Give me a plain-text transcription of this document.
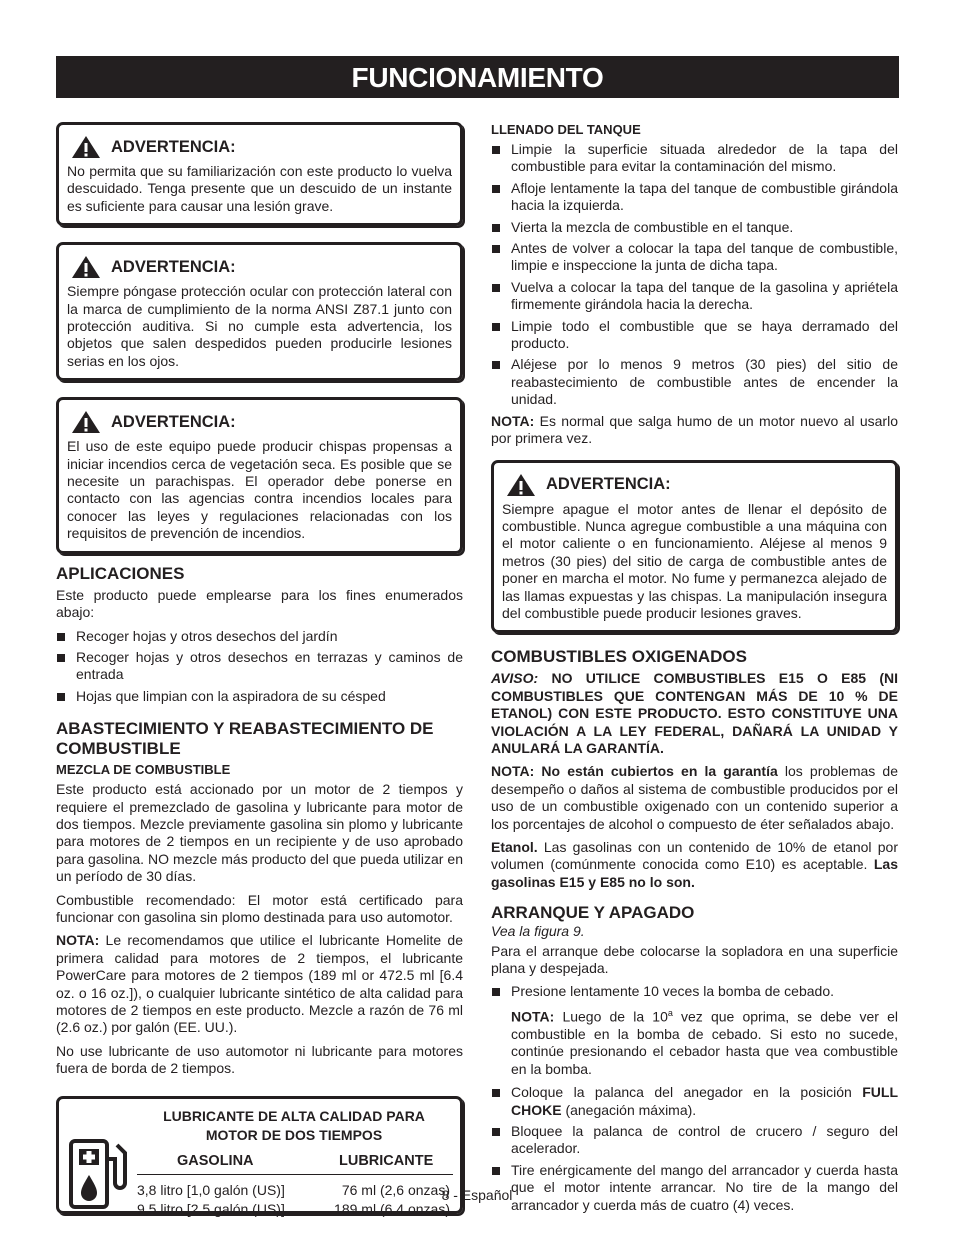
FUNCIONAMIENTO
ADVERTENCIA:
No permita que su familiarización con este producto lo vuelva descuidado. Tenga presente que un descuido de un instante es suficiente para causar una lesión grave.
ADVERTENCIA:
Siempre póngase protección ocular con protección lateral con la marca de cumplimiento de la norma ANSI Z87.1 junto con protección auditiva. Si no cumple esta advertencia, los objetos que salen despedidos pueden producirle lesiones serias en los ojos.
ADVERTENCIA:
El uso de este equipo puede producir chispas propensas a iniciar incendios cerca de vegetación seca. Es posible que se necesite un parachispas. El operador debe ponerse en contacto con las agencias contra incendios locales para conocer las leyes y regulaciones relacionadas con los requisitos de prevención de incendios.
APLICACIONES

Este producto puede emplearse para los fines enumerados abajo:

Recoger hojas y otros desechos del jardín
Recoger hojas y otros desechos en terrazas y caminos de entrada
Hojas que limpian con la aspiradora de su césped
ABASTECIMIENTO Y REABASTECIMIENTO DE COMBUSTIBLE
MEZCLA DE COMBUSTIBLE

Este producto está accionado por un motor de 2 tiempos y requiere el premezclado de gasolina y lubricante para motor de dos tiempos. Mezcle previamente gasolina sin plomo y lubricante para motores de 2 tiempos en un recipiente y de uso aprobado para gasolina. NO mezcle más producto del que pueda utilizar en un período de 30 días.

Combustible recomendado: El motor está certificado para funcionar con gasolina sin plomo destinada para uso automotor.

NOTA: Le recomendamos que utilice el lubricante Homelite de primera calidad para motores de 2 tiempos, el lubricante PowerCare para motores de 2 tiempos (189 ml or 472.5 ml [6.4 oz. o 16 oz.]), o cualquier lubricante sintético de alta calidad para motores de 2 tiempos en este producto. Mezcle a razón de 76 ml (2.6 oz.) por galón (EE. UU.).

No use lubricante de uso automotor ni lubricante para motores fuera de borda de 2 tiempos.

LUBRICANTE DE ALTA CALIDAD PARA
MOTOR DE DOS TIEMPOS
GASOLINA	LUBRICANTE
3,8 litro [1,0 galón (US)]	76 ml (2,6 onzas)
9,5 litro [2,5 galón (US)]	189 ml (6,4 onzas)
LLENADO DEL TANQUE
Limpie la superficie situada alrededor de la tapa del combustible para evitar la contaminación del mismo.
Afloje lentamente la tapa del tanque de combustible girándola hacia la izquierda.
Vierta la mezcla de combustible en el tanque.
Antes de volver a colocar la tapa del tanque de combustible, limpie e inspeccione la junta de dicha tapa.
Vuelva a colocar la tapa del tanque de la gasolina y apriétela firmemente girándola hacia la derecha.
Limpie todo el combustible que se haya derramado del producto.
Aléjese por lo menos 9 metros (30 pies) del sitio de reabastecimiento de combustible antes de encender la unidad.

NOTA: Es normal que salga humo de un motor nuevo al usarlo por primera vez.

ADVERTENCIA:
Siempre apague el motor antes de llenar el depósito de combustible. Nunca agregue combustible a una máquina con el motor caliente o en funcionamiento. Aléjese al menos 9 metros (30 pies) del sitio de carga de combustible antes de poner en marcha el motor. No fume y permanezca alejado de las llamas expuestas y las chispas. La manipulación insegura del combustible puede producir lesiones graves.
COMBUSTIBLES OXIGENADOS

AVISO: NO UTILICE COMBUSTIBLES E15 O E85 (NI COMBUSTIBLES QUE CONTENGAN MÁS DE 10 % DE ETANOL) CON ESTE PRODUCTO. ESTO CONSTITUYE UNA VIOLACIÓN A LA LEY FEDERAL, DAÑARÁ LA UNIDAD Y ANULARÁ LA GARANTÍA.

NOTA: No están cubiertos en la garantía los problemas de desempeño o daños al sistema de combustible producidos por el uso de un combustible oxigenado con un contenido superior a los porcentajes de alcohol o compuesto de éter señalados abajo.

Etanol. Las gasolinas con un contenido de 10% de etanol por volumen (comúnmente conocida como E10) es aceptable. Las gasolinas E15 y E85 no lo son.

ARRANQUE Y APAGADO

Vea la figura 9.

Para el arranque debe colocarse la sopladora en una superficie plana y despejada.

Presione lentamente 10 veces la bomba de cebado.

NOTA: Luego de la 10$^a$ vez que oprima, se debe ver el combustible en la bomba de cebado. Si esto no sucede, continúe presionando el cebador hasta que vea combustible en la bomba.

Coloque la palanca del anegador en la posición FULL CHOKE (anegación máxima).
Bloquee la palanca de control de crucero / seguro del acelerador.
Tire enérgicamente del mango del arrancador y cuerda hasta que el motor intente arrancar. No tire de la mango del arrancador y cuerda más de cuatro (4) veces.
8 - Español
